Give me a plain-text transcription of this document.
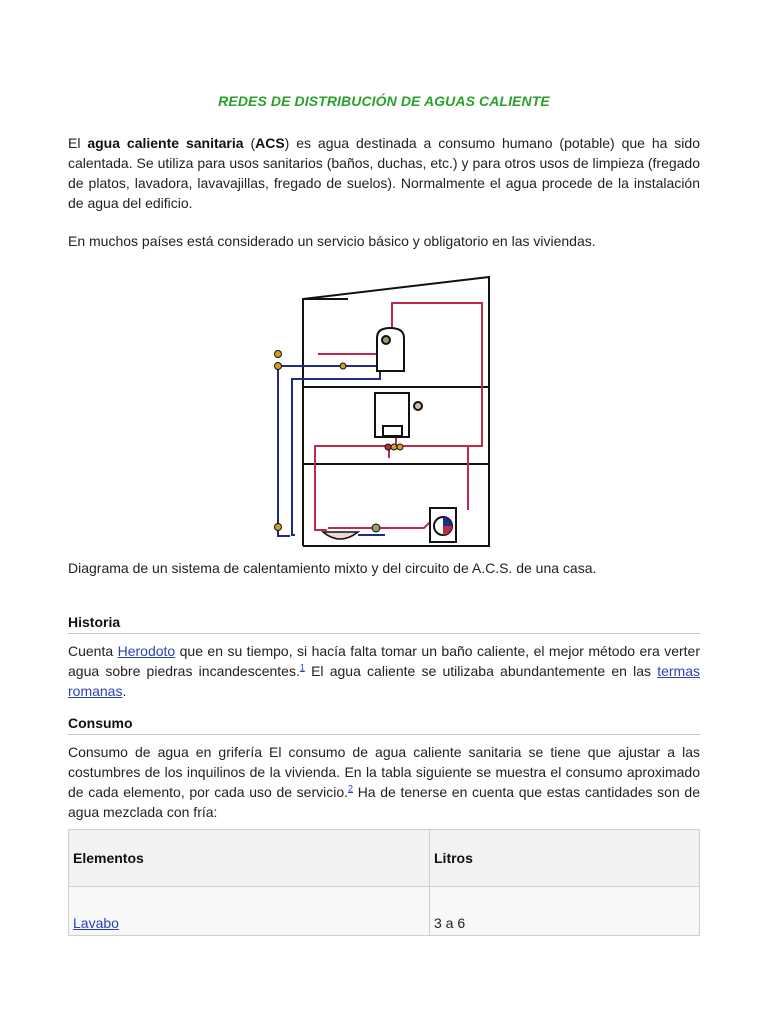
REDES DE DISTRIBUCIÓN DE AGUAS CALIENTE
El agua caliente sanitaria (ACS) es agua destinada a consumo humano (potable) que ha sido calentada. Se utiliza para usos sanitarios (baños, duchas, etc.) y para otros usos de limpieza (fregado de platos, lavadora, lavavajillas, fregado de suelos). Normalmente el agua procede de la instalación de agua del edificio.
En muchos países está considerado un servicio básico y obligatorio en las viviendas.
Diagrama de un sistema de calentamiento mixto y del circuito de A.C.S. de una casa.
Historia
Cuenta Herodoto que en su tiempo, si hacía falta tomar un baño caliente, el mejor método era verter agua sobre piedras incandescentes.$^1$ El agua caliente se utilizaba abundantemente en las termas romanas.
Consumo
Consumo de agua en grifería El consumo de agua caliente sanitaria se tiene que ajustar a las costumbres de los inquilinos de la vivienda. En la tabla siguiente se muestra el consumo aproximado de cada elemento, por cada uso de servicio.$^2$ Ha de tenerse en cuenta que estas cantidades son de agua mezclada con fría:
Elementos	Litros
Lavabo	3 a 6
